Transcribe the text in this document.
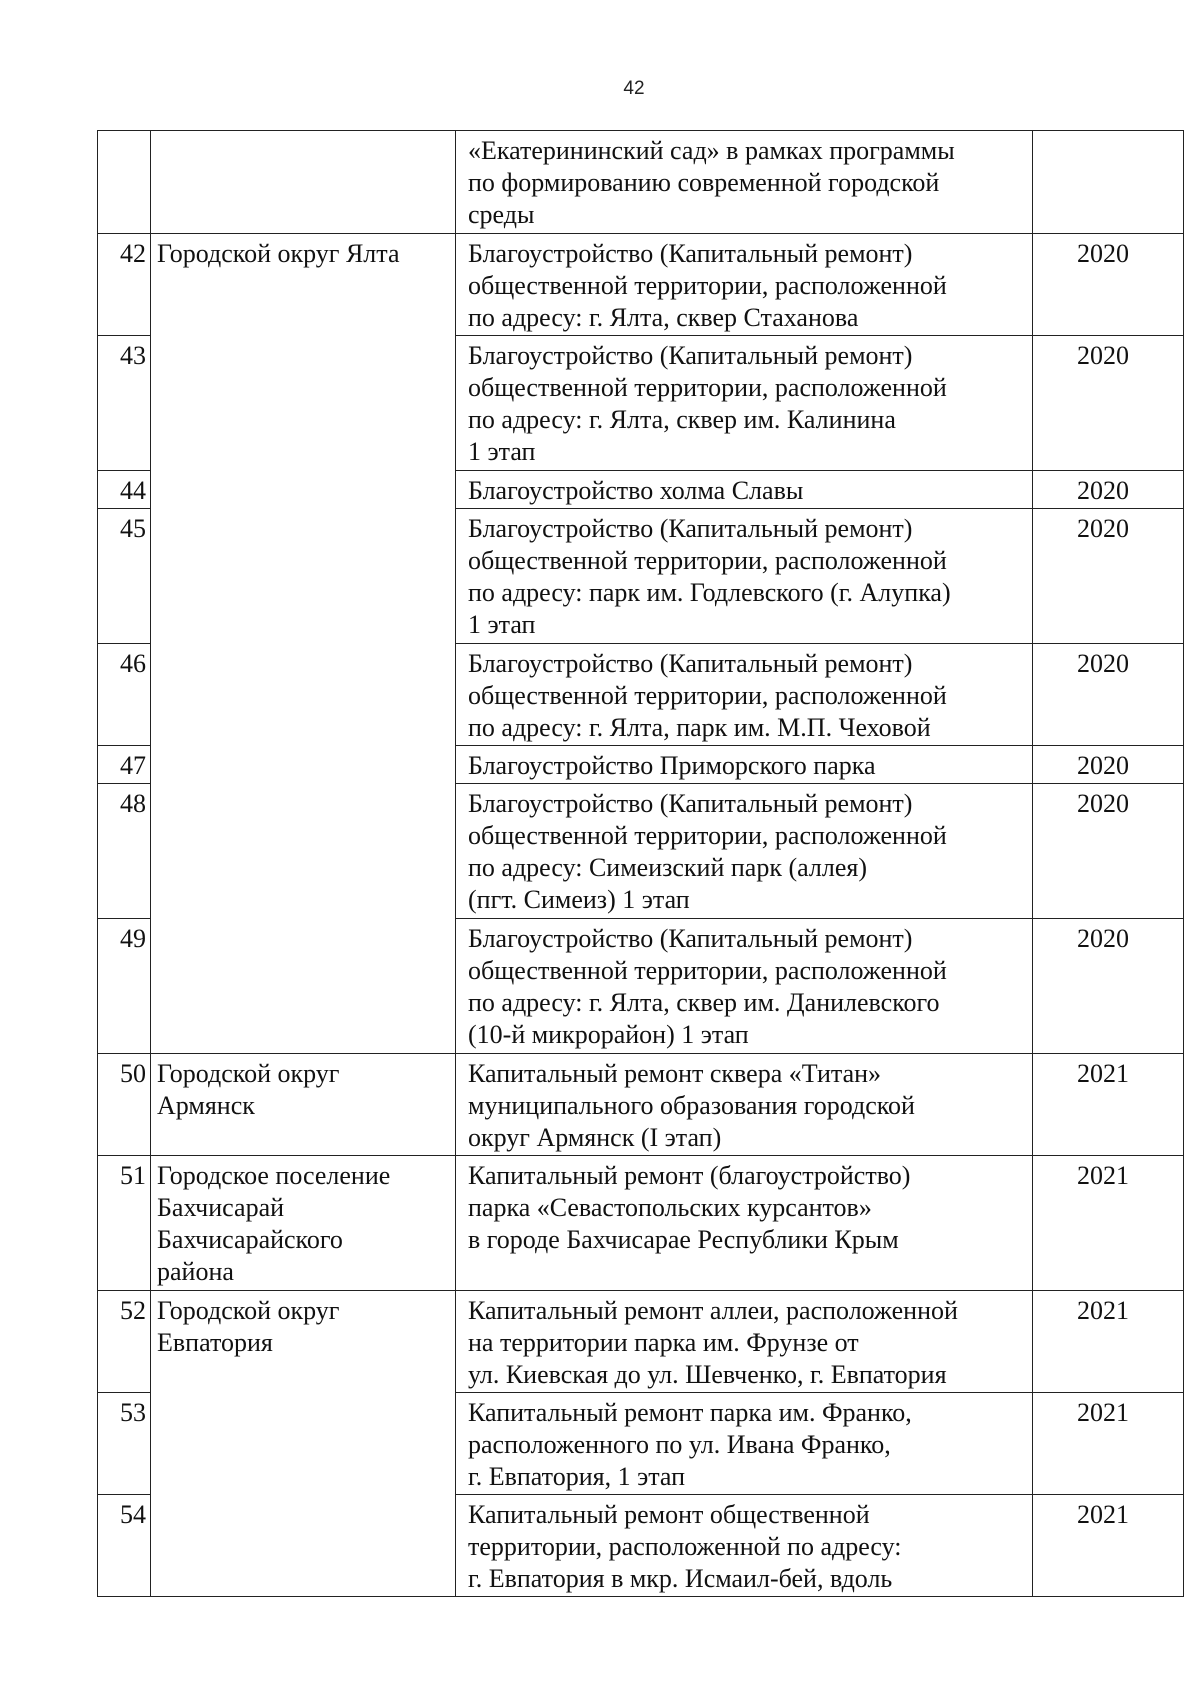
42

		«Екатерининский сад» в рамках программы
по формированию современной городской
среды	

42	Городской округ Ялта	Благоустройство (Капитальный ремонт)
общественной территории, расположенной
по адресу: г. Ялта, сквер Стаханова	2020
43		Благоустройство (Капитальный ремонт)
общественной территории, расположенной
по адресу: г. Ялта, сквер им. Калинина
1 этап	2020
44		Благоустройство холма Славы	2020
45		Благоустройство (Капитальный ремонт)
общественной территории, расположенной
по адресу: парк им. Годлевского (г. Алупка)
1 этап	2020
46		Благоустройство (Капитальный ремонт)
общественной территории, расположенной
по адресу: г. Ялта, парк им. М.П. Чеховой	2020
47		Благоустройство Приморского парка	2020
48		Благоустройство (Капитальный ремонт)
общественной территории, расположенной
по адресу: Симеизский парк (аллея)
(пгт. Симеиз) 1 этап	2020
49		Благоустройство (Капитальный ремонт)
общественной территории, расположенной
по адресу: г. Ялта, сквер им. Данилевского
(10-й микрорайон) 1 этап	2020
50	Городской округ
Армянск	Капитальный ремонт сквера «Титан»
муниципального образования городской
округ Армянск (I этап)	2021
51	Городское поселение
Бахчисарай
Бахчисарайского
района	Капитальный ремонт (благоустройство)
парка «Севастопольских курсантов»
в городе Бахчисарае Республики Крым	2021
52	Городской округ
Евпатория	Капитальный ремонт аллеи, расположенной
на территории парка им. Фрунзе от
ул. Киевская до ул. Шевченко, г. Евпатория	2021
53		Капитальный ремонт парка им. Франко,
расположенного по ул. Ивана Франко,
г. Евпатория, 1 этап	2021
54		Капитальный ремонт общественной
территории, расположенной по адресу:
г. Евпатория в мкр. Исмаил-бей, вдоль	2021
